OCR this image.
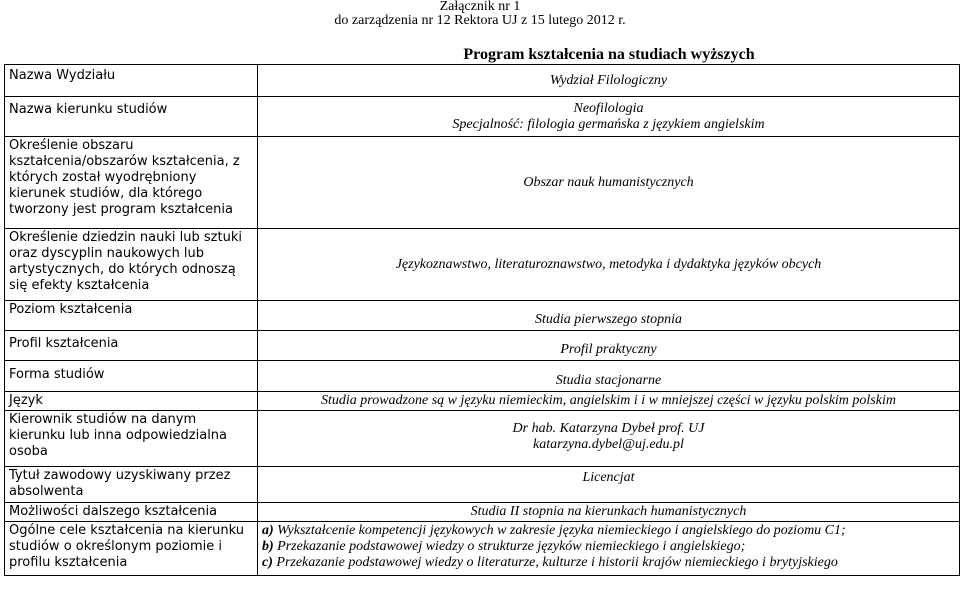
Załącznik nr 1
do zarządzenia nr 12 Rektora UJ z 15 lutego 2012 r.
Program kształcenia na studiach wyższych
Nazwa Wydziału	Wydział Filologiczny
Nazwa kierunku studiów	Neofilologia
Specjalność: filologia germańska z językiem angielskim

Określenie obszaru kształcenia/obszarów kształcenia, z których został wyodrębniony kierunek studiów, dla którego tworzony jest program kształcenia	Obszar nauk humanistycznych
Określenie dziedzin nauki lub sztuki oraz dyscyplin naukowych lub artystycznych, do których odnoszą się efekty kształcenia	Językoznawstwo, literaturoznawstwo, metodyka i dydaktyka języków obcych
Poziom kształcenia	Studia pierwszego stopnia
Profil kształcenia	Profil praktyczny
Forma studiów	Studia stacjonarne
Język	Studia prowadzone są w języku niemieckim, angielskim i i w mniejszej części w języku polskim polskim
Kierownik studiów na danym kierunku lub inna odpowiedzialna osoba	Dr hab. Katarzyna Dybeł prof. UJ
katarzyna.dybel@uj.edu.pl

Tytuł zawodowy uzyskiwany przez absolwenta	Licencjat
Możliwości dalszego kształcenia	Studia II stopnia na kierunkach humanistycznych
Ogólne cele kształcenia na kierunku studiów o określonym poziomie i profilu kształcenia	a) Wykształcenie kompetencji językowych w zakresie języka niemieckiego i angielskiego do poziomu C1;
b) Przekazanie podstawowej wiedzy o strukturze języków niemieckiego i angielskiego;
c) Przekazanie podstawowej wiedzy o literaturze, kulturze i historii krajów niemieckiego i brytyjskiego
